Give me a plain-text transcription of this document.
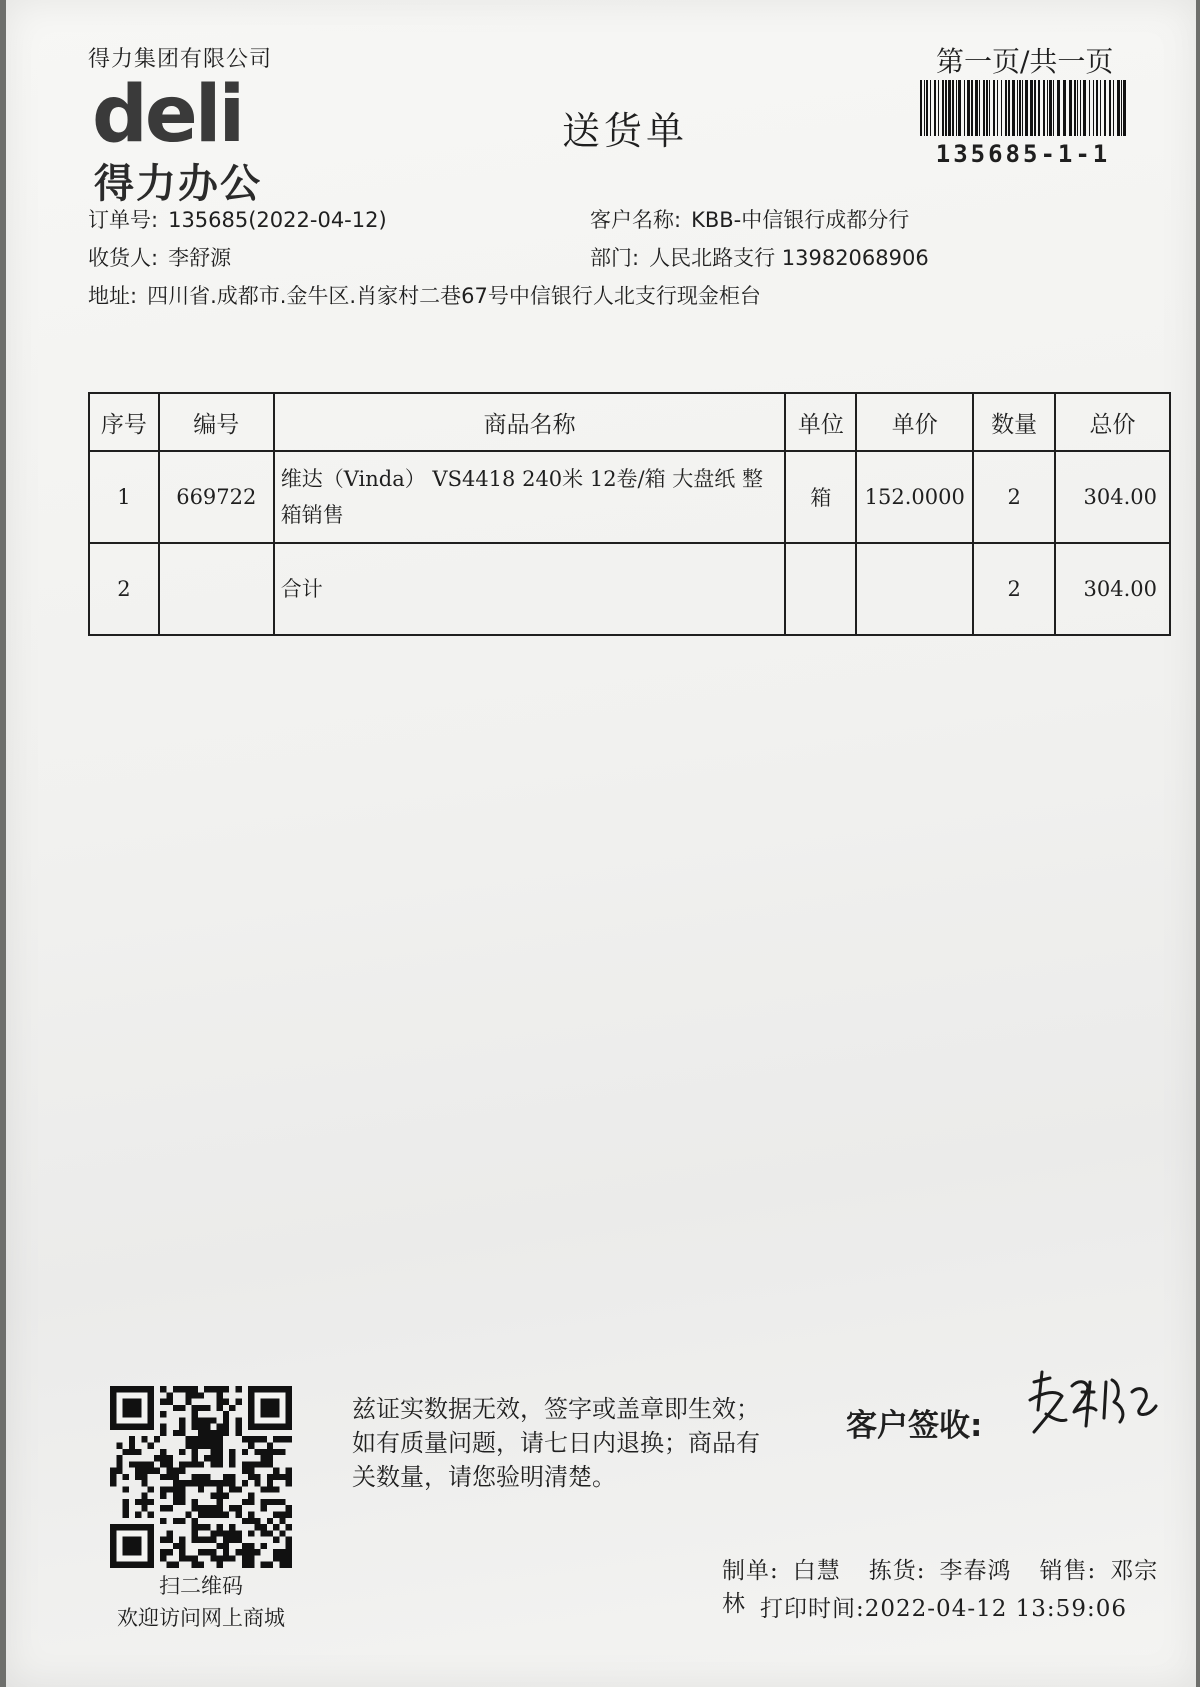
得力集团有限公司
deli
得力办公
送货单
第一页/共一页
135685-1-1
订单号: 135685(2022-04-12)
收货人: 李舒源
地址: 四川省.成都市.金牛区.肖家村二巷67号中信银行人北支行现金柜台
客户名称: KBB-中信银行成都分行
部门: 人民北路支行 13982068906
序号	编号	商品名称	单位	单价	数量	总价
1	669722	维达（Vinda） VS4418 240米 12卷/箱 大盘纸 整箱销售	箱	152.0000	2	304.00
2		合计			2	304.00
扫二维码
欢迎访问网上商城
兹证实数据无效，签字或盖章即生效；如有质量问题，请七日内退换；商品有关数量，请您验明清楚。
客户签收:
制单: 白慧 拣货: 李春鸿 销售: 邓宗林 打印时间:2022-04-12 13:59:06
